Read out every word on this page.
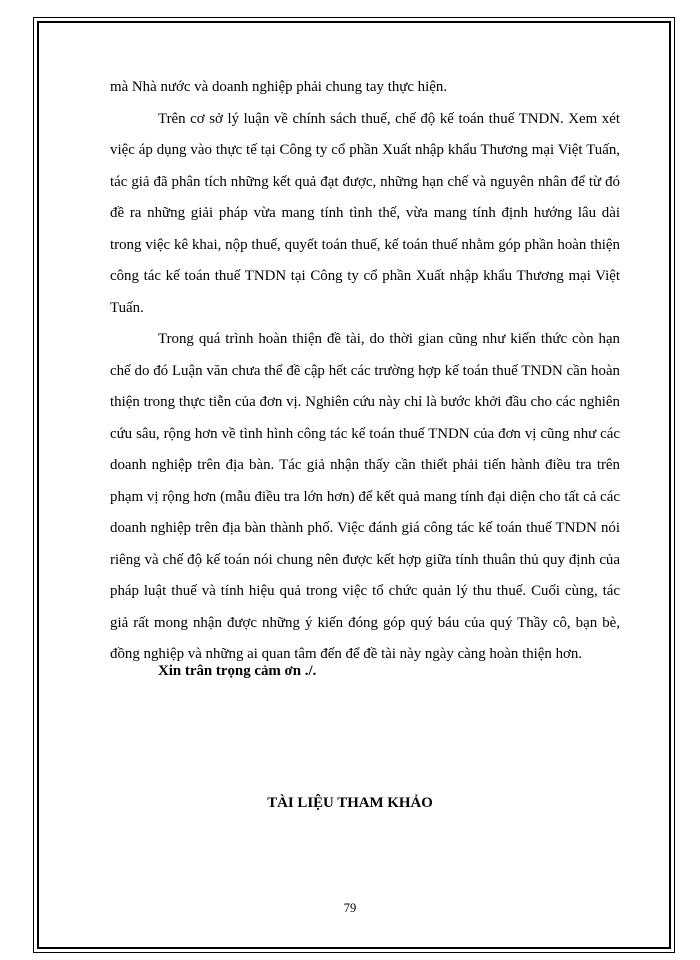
mà Nhà nước và doanh nghiệp phải chung tay thực hiện.

Trên cơ sở lý luận về chính sách thuế, chế độ kế toán thuế TNDN. Xem xét việc áp dụng vào thực tế tại Công ty cổ phần Xuất nhập khẩu Thương mại Việt Tuấn, tác giả đã phân tích những kết quả đạt được, những hạn chế và nguyên nhân để từ đó đề ra những giải pháp vừa mang tính tình thế, vừa mang tính định hướng lâu dài trong việc kê khai, nộp thuế, quyết toán thuế, kế toán thuế nhằm góp phần hoàn thiện công tác kế toán thuế TNDN tại Công ty cổ phần Xuất nhập khẩu Thương mại Việt Tuấn.

Trong quá trình hoàn thiện đề tài, do thời gian cũng như kiến thức còn hạn chế do đó Luận văn chưa thể đề cập hết các trường hợp kế toán thuế TNDN cần hoàn thiện trong thực tiễn của đơn vị. Nghiên cứu này chỉ là bước khởi đầu cho các nghiên cứu sâu, rộng hơn về tình hình công tác kế toán thuế TNDN của đơn vị cũng như các doanh nghiệp trên địa bàn. Tác giả nhận thấy cần thiết phải tiến hành điều tra trên phạm vị rộng hơn (mẫu điều tra lớn hơn) để kết quả mang tính đại diện cho tất cả các doanh nghiệp trên địa bàn thành phố. Việc đánh giá công tác kế toán thuế TNDN nói riêng và chế độ kế toán nói chung nên được kết hợp giữa tính thuân thủ quy định của pháp luật thuế và tính hiệu quả trong việc tổ chức quản lý thu thuế. Cuối cùng, tác giả rất mong nhận được những ý kiến đóng góp quý báu của quý Thầy cô, bạn bè, đồng nghiệp và những ai quan tâm đến để đề tài này ngày càng hoàn thiện hơn.

Xin trân trọng cảm ơn ./.

TÀI LIỆU THAM KHẢO

79
